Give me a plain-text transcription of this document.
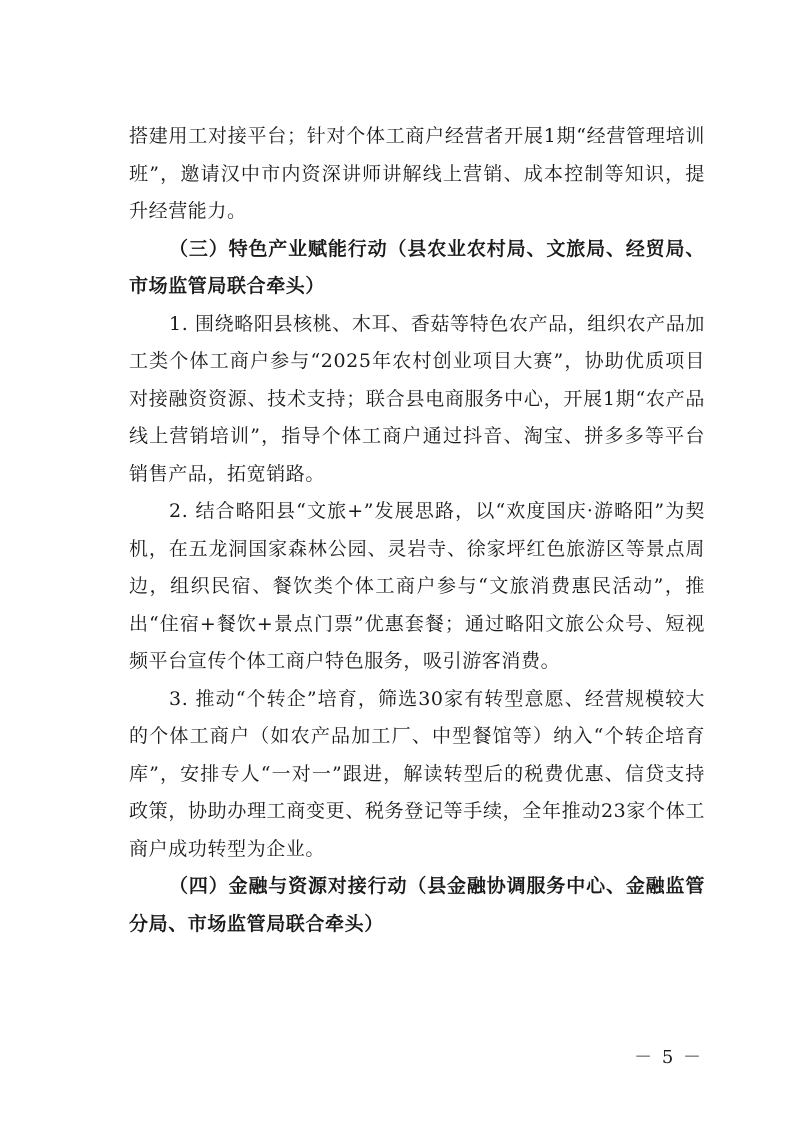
搭建用工对接平台；针对个体工商户经营者开展1期“经营管理培训班”，邀请汉中市内资深讲师讲解线上营销、成本控制等知识，提升经营能力。

（三）特色产业赋能行动（县农业农村局、文旅局、经贸局、市场监管局联合牵头）

1. 围绕略阳县核桃、木耳、香菇等特色农产品，组织农产品加工类个体工商户参与“2025年农村创业项目大赛”，协助优质项目对接融资资源、技术支持；联合县电商服务中心，开展1期“农产品线上营销培训”，指导个体工商户通过抖音、淘宝、拼多多等平台销售产品，拓宽销路。

2. 结合略阳县“文旅+”发展思路，以“欢度国庆·游略阳”为契机，在五龙洞国家森林公园、灵岩寺、徐家坪红色旅游区等景点周边，组织民宿、餐饮类个体工商户参与“文旅消费惠民活动”，推出“住宿+餐饮+景点门票”优惠套餐；通过略阳文旅公众号、短视频平台宣传个体工商户特色服务，吸引游客消费。

3. 推动“个转企”培育，筛选30家有转型意愿、经营规模较大的个体工商户（如农产品加工厂、中型餐馆等）纳入“个转企培育库”，安排专人“一对一”跟进，解读转型后的税费优惠、信贷支持政策，协助办理工商变更、税务登记等手续，全年推动23家个体工商户成功转型为企业。

（四）金融与资源对接行动（县金融协调服务中心、金融监管分局、市场监管局联合牵头）

－ 5 －
